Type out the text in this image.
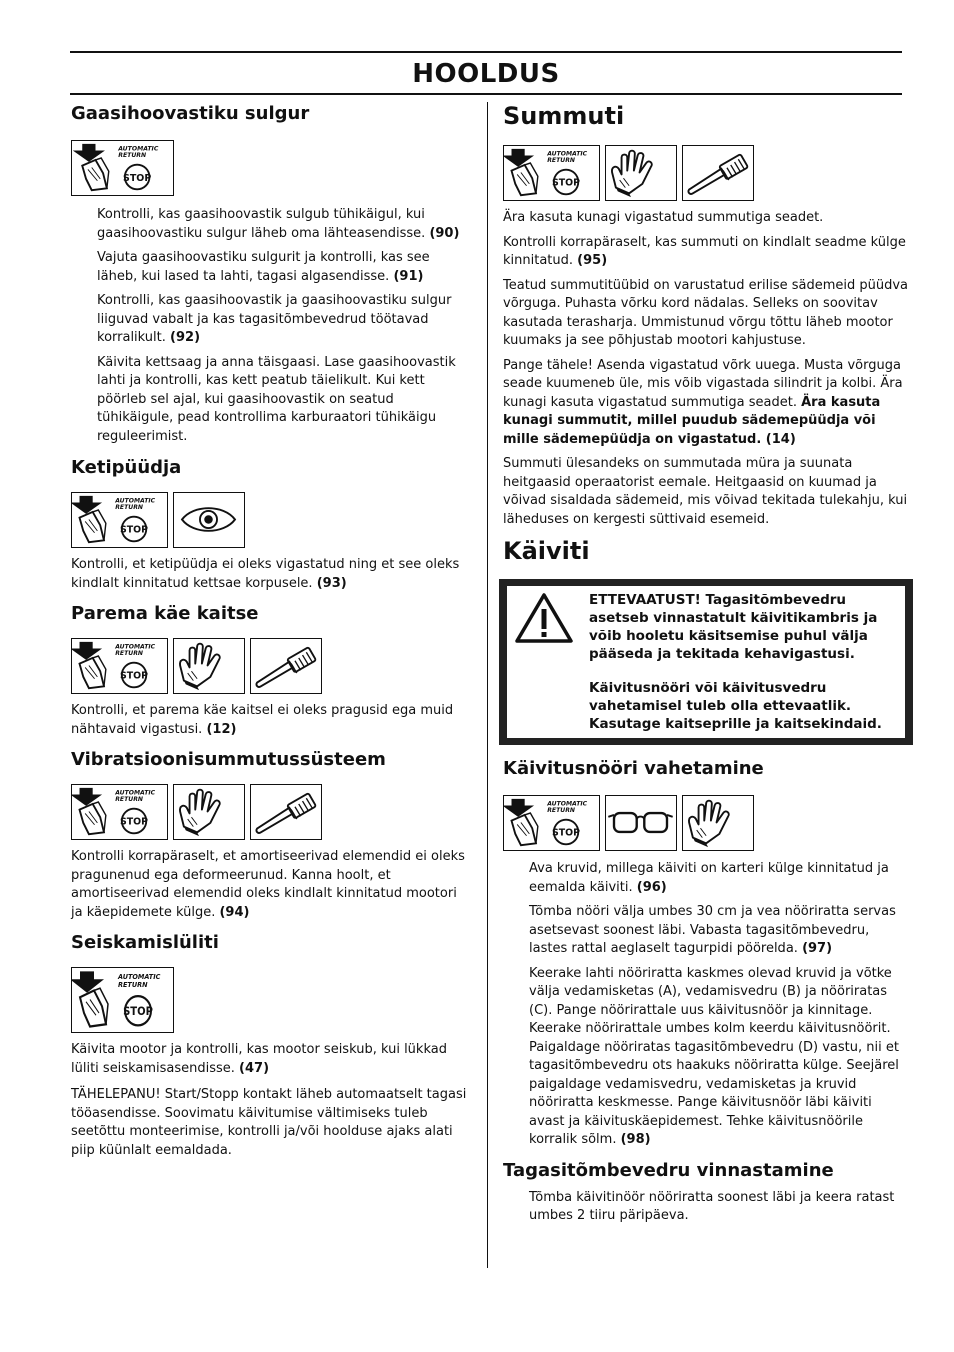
HOOLDUS
Gaasihoovastiku sulgur

Kontrolli, kas gaasihoovastik sulgub tühikäigul, kui gaasihoovastiku sulgur läheb oma lähteasendisse. (90)

Vajuta gaasihoovastiku sulgurit ja kontrolli, kas see läheb, kui lased ta lahti, tagasi algasendisse. (91)

Kontrolli, kas gaasihoovastik ja gaasihoovastiku sulgur liiguvad vabalt ja kas tagasitõmbevedrud töötavad korralikult. (92)

Käivita kettsaag ja anna täisgaasi. Lase gaasihoovastik lahti ja kontrolli, kas kett peatub täielikult. Kui kett pöörleb sel ajal, kui gaasihoovastik on seatud tühikäigule, pead kontrollima karburaatori tühikäigu reguleerimist.

Ketipüüdja

Kontrolli, et ketipüüdja ei oleks vigastatud ning et see oleks kindlalt kinnitatud kettsae korpusele. (93)

Parema käe kaitse

Kontrolli, et parema käe kaitsel ei oleks pragusid ega muid nähtavaid vigastusi. (12)

Vibratsioonisummutussüsteem

Kontrolli korrapäraselt, et amortiseerivad elemendid ei oleks pragunenud ega deformeerunud. Kanna hoolt, et amortiseerivad elemendid oleks kindlalt kinnitatud mootori ja käepidemete külge. (94)

Seiskamislüliti

Käivita mootor ja kontrolli, kas mootor seiskub, kui lükkad lüliti seiskamisasendisse. (47)

TÄHELEPANU! Start/Stopp kontakt läheb automaatselt tagasi tööasendisse. Soovimatu käivitumise vältimiseks tuleb seetõttu monteerimise, kontrolli ja/või hoolduse ajaks alati piip küünlalt eemaldada.

Summuti

Ära kasuta kunagi vigastatud summutiga seadet.

Kontrolli korrapäraselt, kas summuti on kindlalt seadme külge kinnitatud. (95)

Teatud summutitüübid on varustatud erilise sädemeid püüdva võrguga. Puhasta võrku kord nädalas. Selleks on soovitav kasutada terasharja. Ummistunud võrgu tõttu läheb mootor kuumaks ja see põhjustab mootori kahjustuse.

Pange tähele! Asenda vigastatud võrk uuega. Musta võrguga seade kuumeneb üle, mis võib vigastada silindrit ja kolbi. Ära kunagi kasuta vigastatud summutiga seadet. Ära kasuta kunagi summutit, millel puudub sädemepüüdja või mille sädemepüüdja on vigastatud. (14)

Summuti ülesandeks on summutada müra ja suunata heitgaasid operaatorist eemale. Heitgaasid on kuumad ja võivad sisaldada sädemeid, mis võivad tekitada tulekahju, kui läheduses on kergesti süttivaid esemeid.

Käiviti

ETTEVAATUST! Tagasitõmbevedru asetseb vinnastatult käivitikambris ja võib hooletu käsitsemise puhul välja pääseda ja tekitada kehavigastusi.

Käivitusnööri või käivitusvedru vahetamisel tuleb olla ettevaatlik. Kasutage kaitseprille ja kaitsekindaid.

Käivitusnööri vahetamine

Ava kruvid, millega käiviti on karteri külge kinnitatud ja eemalda käiviti. (96)

Tõmba nööri välja umbes 30 cm ja vea nööriratta servas asetsevast soonest läbi. Vabasta tagasitõmbevedru, lastes rattal aeglaselt tagurpidi pöörelda. (97)

Keerake lahti nööriratta kaskmes olevad kruvid ja võtke välja vedamisketas (A), vedamisvedru (B) ja nööriratas (C). Pange nöörirattale uus käivitusnöör ja kinnitage. Keerake nöörirattale umbes kolm keerdu käivitusnöörit. Paigaldage nööriratas tagasitõmbevedru (D) vastu, nii et tagasitõmbevedru ots haakuks nööriratta külge. Seejärel paigaldage vedamisvedru, vedamisketas ja kruvid nööriratta keskmesse. Pange käivitusnöör läbi käiviti avast ja käivituskäepidemest. Tehke käivitusnöörile korralik sõlm. (98)

Tagasitõmbevedru vinnastamine

Tõmba käivitinöör nööriratta soonest läbi ja keera ratast umbes 2 tiiru päripäeva.
